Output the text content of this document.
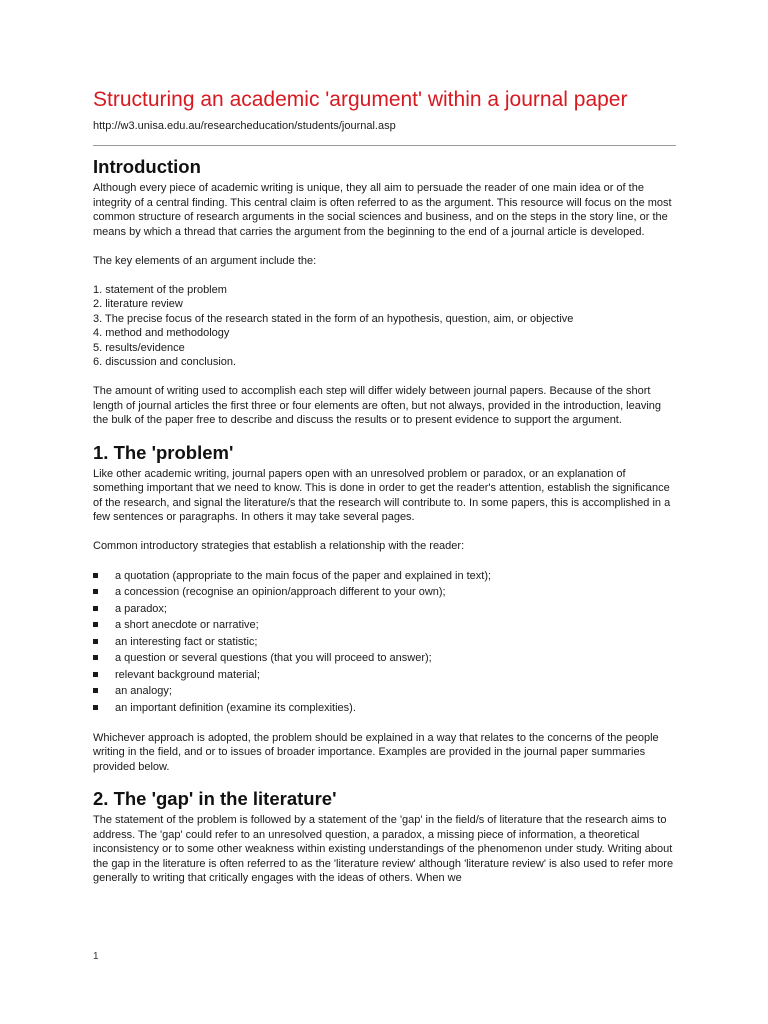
Structuring an academic 'argument' within a journal paper
http://w3.unisa.edu.au/researcheducation/students/journal.asp
Introduction

Although every piece of academic writing is unique, they all aim to persuade the reader of one main idea or of the integrity of a central finding. This central claim is often referred to as the argument. This resource will focus on the most common structure of research arguments in the social sciences and business, and on the steps in the story line, or the means by which a thread that carries the argument from the beginning to the end of a journal article is developed.

The key elements of an argument include the:

1. statement of the problem
2. literature review
3. The precise focus of the research stated in the form of an hypothesis, question, aim, or objective
4. method and methodology
5. results/evidence
6. discussion and conclusion.

The amount of writing used to accomplish each step will differ widely between journal papers. Because of the short length of journal articles the first three or four elements are often, but not always, provided in the introduction, leaving the bulk of the paper free to describe and discuss the results or to present evidence to support the argument.

1. The 'problem'

Like other academic writing, journal papers open with an unresolved problem or paradox, or an explanation of something important that we need to know. This is done in order to get the reader's attention, establish the significance of the research, and signal the literature/s that the research will contribute to. In some papers, this is accomplished in a few sentences or paragraphs. In others it may take several pages.

Common introductory strategies that establish a relationship with the reader:

a quotation (appropriate to the main focus of the paper and explained in text);
a concession (recognise an opinion/approach different to your own);
a paradox;
a short anecdote or narrative;
an interesting fact or statistic;
a question or several questions (that you will proceed to answer);
relevant background material;
an analogy;
an important definition (examine its complexities).

Whichever approach is adopted, the problem should be explained in a way that relates to the concerns of the people writing in the field, and or to issues of broader importance. Examples are provided in the journal paper summaries provided below.

2. The 'gap' in the literature'

The statement of the problem is followed by a statement of the 'gap' in the field/s of literature that the research aims to address. The 'gap' could refer to an unresolved question, a paradox, a missing piece of information, a theoretical inconsistency or to some other weakness within existing understandings of the phenomenon under study. Writing about the gap in the literature is often referred to as the 'literature review' although 'literature review' is also used to refer more generally to writing that critically engages with the ideas of others. When we

1
